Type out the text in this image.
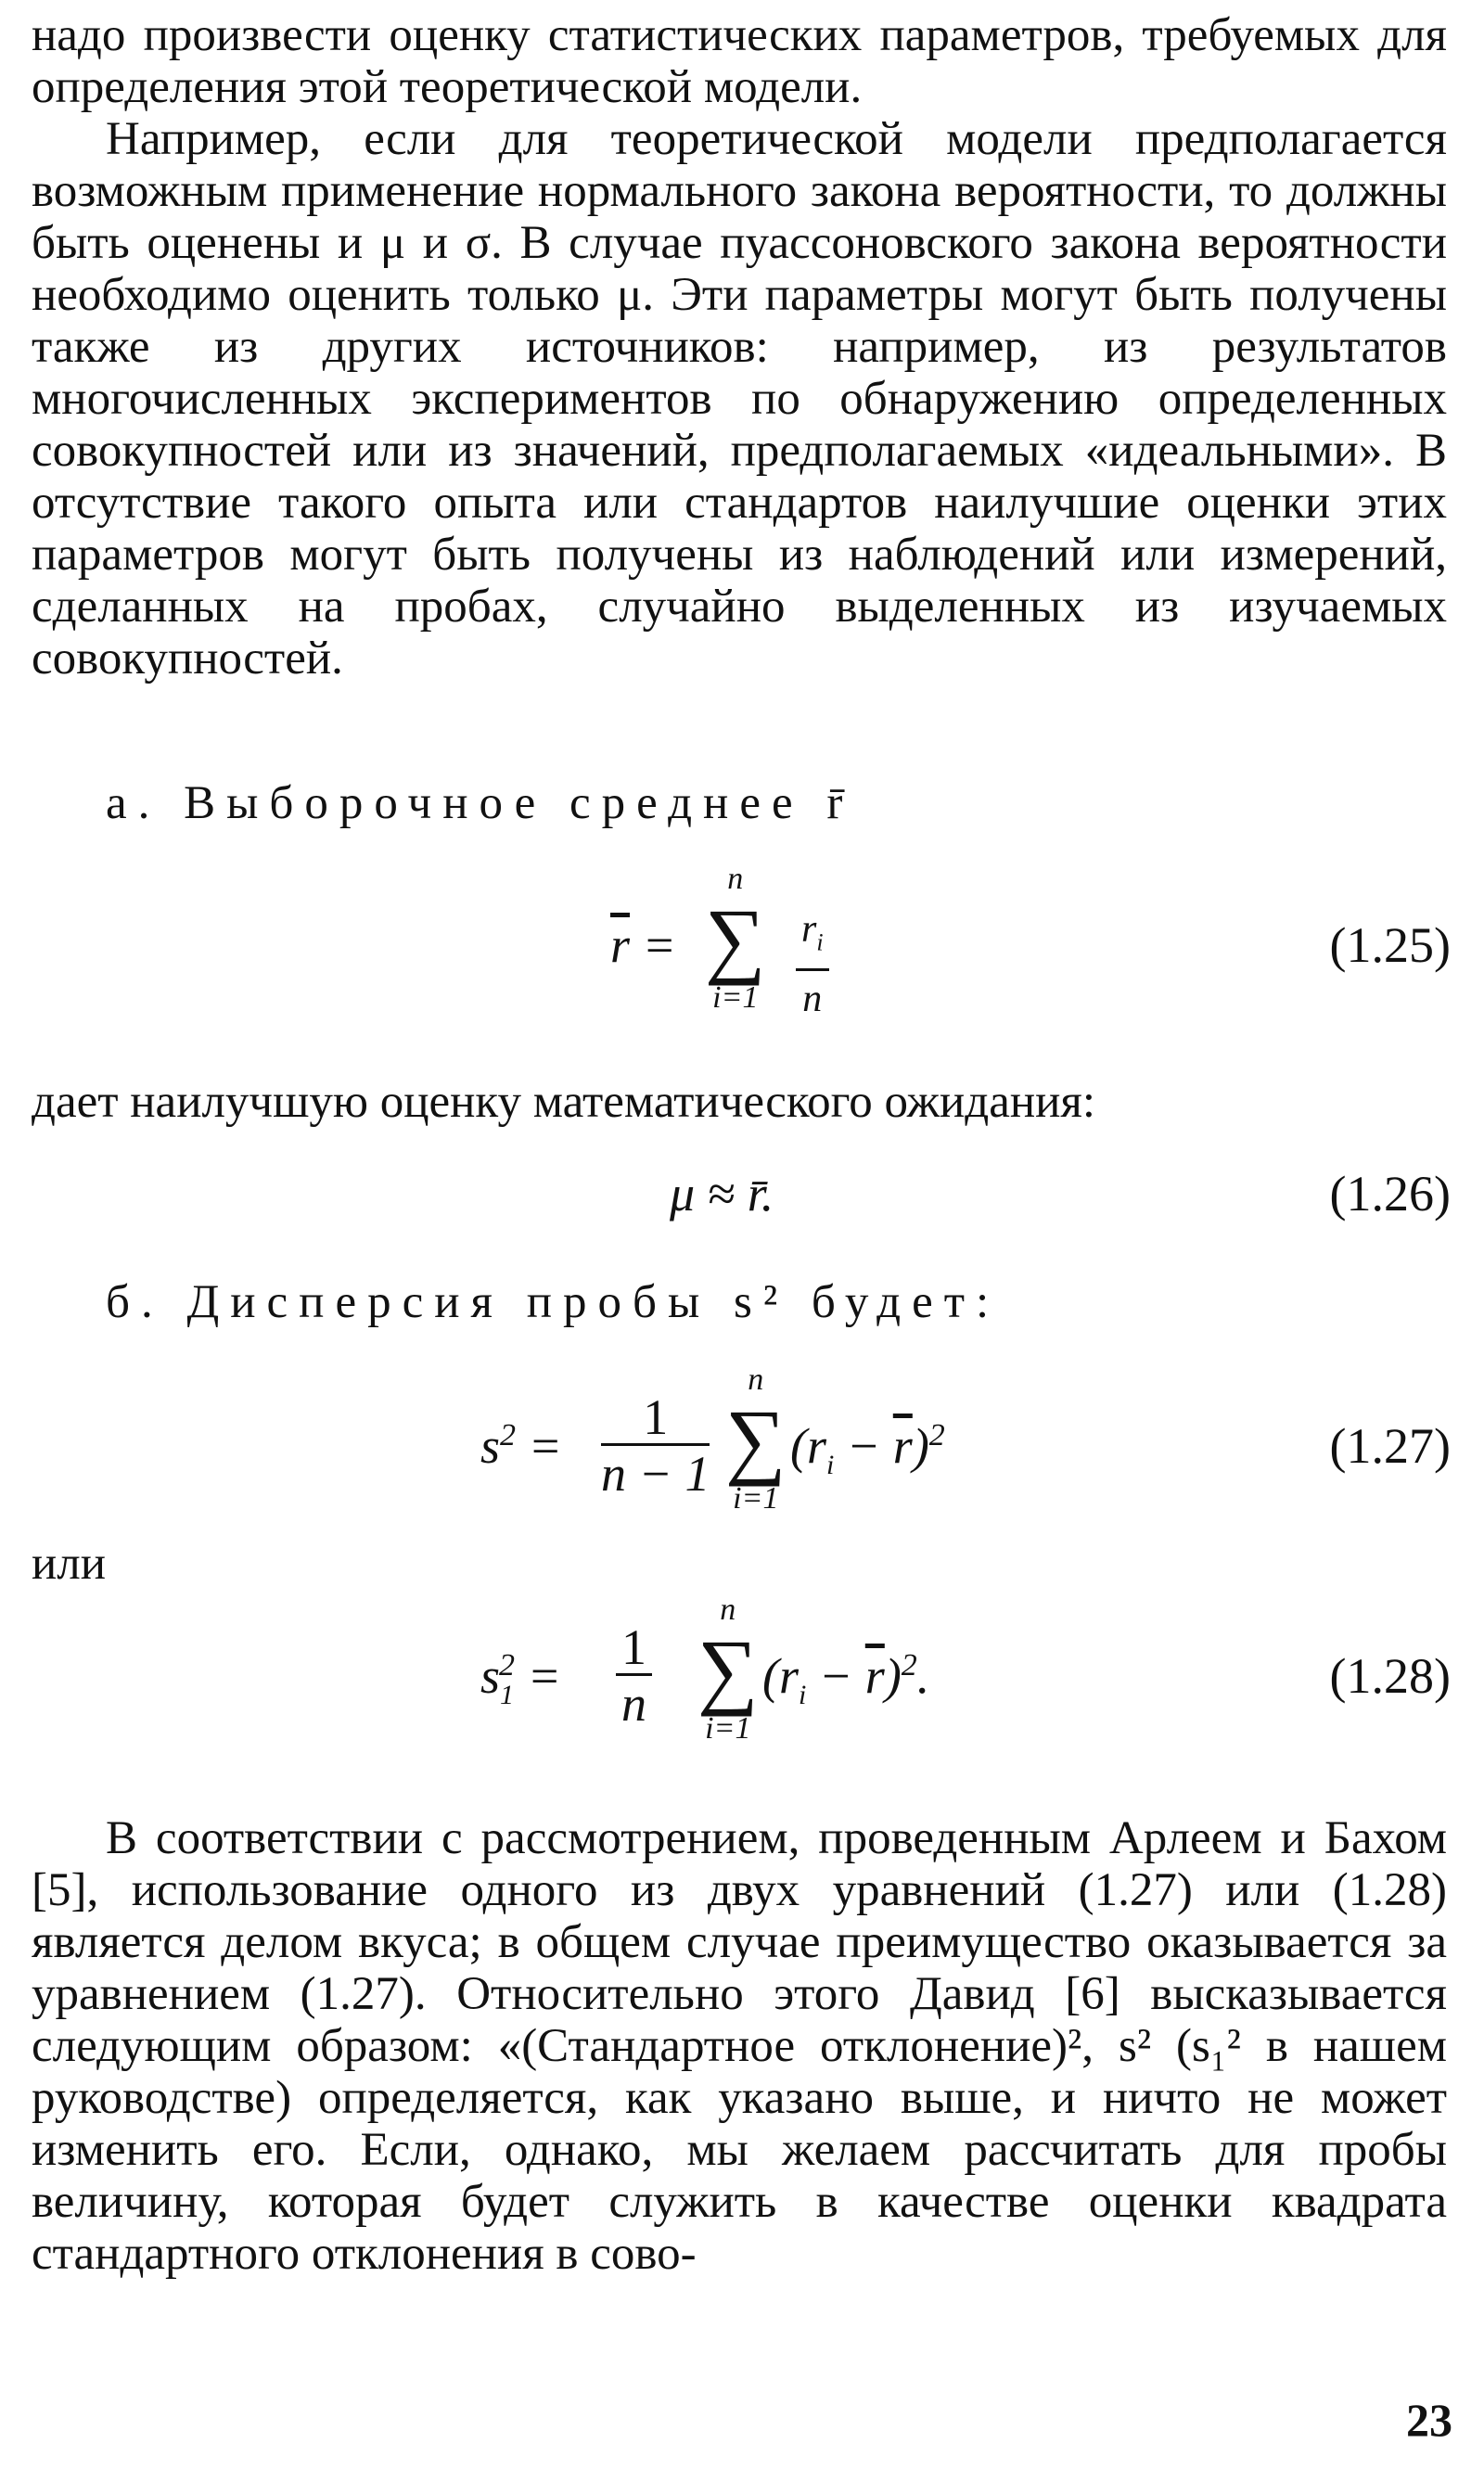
надо произвести оценку статистических параметров, требуемых для определения этой теоретической модели.

Например, если для теоретической модели предполагается возможным применение нормального закона вероятности, то должны быть оценены и μ и σ. В случае пуассоновского закона вероятности необходимо оценить только μ. Эти параметры могут быть получены также из других источников: например, из результатов многочисленных экспериментов по обнаружению определенных совокупностей или из значений, предполагаемых «идеальными». В отсутствие такого опыта или стандартов наилучшие оценки этих параметров могут быть получены из наблюдений или измерений, сделанных на пробах, случайно выделенных из изучаемых совокупностей.

а. Выборочное среднее r̄

$\overline{r}$ =
n
∑
$i=1 \frac{r_i}{n}$	(1.25)

дает наилучшую оценку математического ожидания:

μ ≈ r̄.	(1.26)

б. Дисперсия пробы s² будет:

$s^2 = \frac{1}{n - 1}$
n
∑
i=1
$(r_i - \overline{r})^2$	(1.27)

или

$s_1^2 = \frac{1}{n}$
n
∑
i=1
$(r_i - \overline{r})^2$.	(1.28)

В соответствии с рассмотрением, проведенным Арлеем и Бахом [5], использование одного из двух уравнений (1.27) или (1.28) является делом вкуса; в общем случае преимущество оказывается за уравнением (1.27). Относительно этого Давид [6] высказывается следующим образом: «(Стандартное отклонение)², s² (s₁² в нашем руководстве) определяется, как указано выше, и ничто не может изменить его. Если, однако, мы желаем рассчитать для пробы величину, которая будет служить в качестве оценки квадрата стандартного отклонения в сово-

23
